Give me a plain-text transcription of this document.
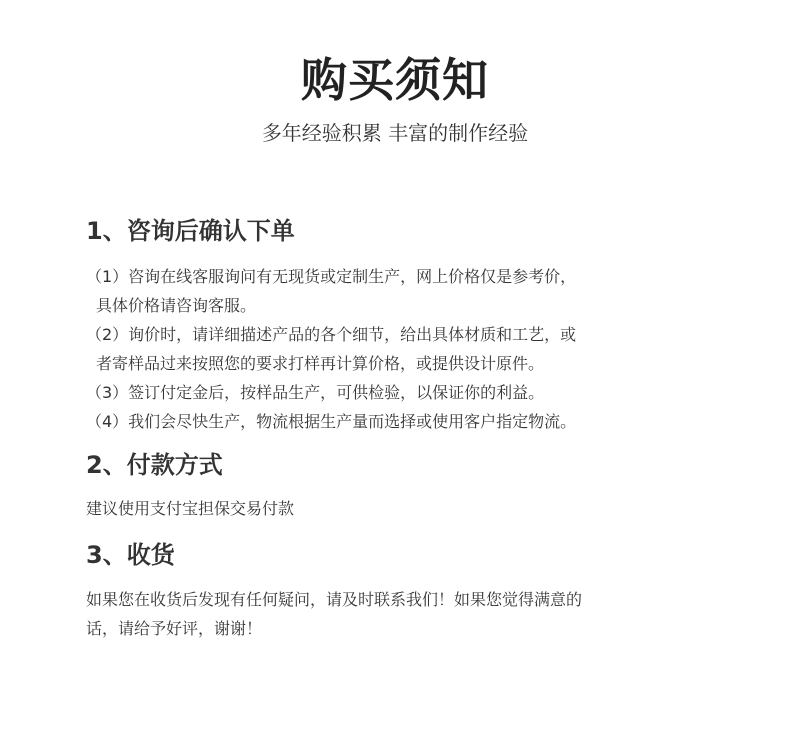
购买须知
多年经验积累 丰富的制作经验
1、咨询后确认下单
（1）咨询在线客服询问有无现货或定制生产，网上价格仅是参考价，
具体价格请咨询客服。
（2）询价时，请详细描述产品的各个细节，给出具体材质和工艺，或
者寄样品过来按照您的要求打样再计算价格，或提供设计原件。
（3）签订付定金后，按样品生产，可供检验，以保证你的利益。
（4）我们会尽快生产，物流根据生产量而选择或使用客户指定物流。
2、付款方式
建议使用支付宝担保交易付款
3、收货
如果您在收货后发现有任何疑问，请及时联系我们！如果您觉得满意的
话，请给予好评，谢谢！
